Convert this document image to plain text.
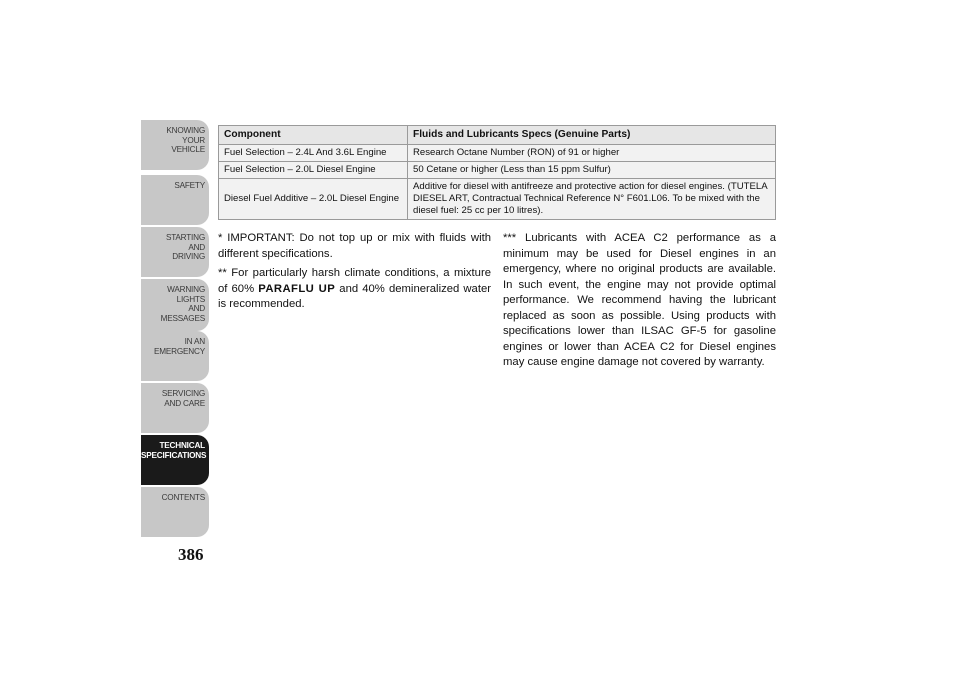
KNOWING
YOUR
VEHICLE
SAFETY
STARTING
AND
DRIVING
WARNING
LIGHTS
AND
MESSAGES
IN AN
EMERGENCY
SERVICING
AND CARE
TECHNICAL
SPECIFICATIONS
CONTENTS
386
Component	Fluids and Lubricants Specs (Genuine Parts)
Fuel Selection – 2.4L And 3.6L Engine	Research Octane Number (RON) of 91 or higher
Fuel Selection – 2.0L Diesel Engine	50 Cetane or higher (Less than 15 ppm Sulfur)
Diesel Fuel Additive – 2.0L Diesel Engine	Additive for diesel with antifreeze and protective action for diesel engines. (TUTELA DIESEL ART, Contractual Technical Reference N° F601.L06. To be mixed with the diesel fuel: 25 cc per 10 litres).

* IMPORTANT: Do not top up or mix with fluids with different specifications.

** For particularly harsh climate conditions, a mixture of 60% PARAFLU UP and 40% demineralized water is recommended.

*** Lubricants with ACEA C2 performance as a minimum may be used for Diesel engines in an emergency, where no original products are available. In such event, the engine may not provide optimal performance. We recommend having the lubricant replaced as soon as possible. Using products with specifications lower than ILSAC GF-5 for gasoline engines or lower than ACEA C2 for Diesel engines may cause engine damage not covered by warranty.
